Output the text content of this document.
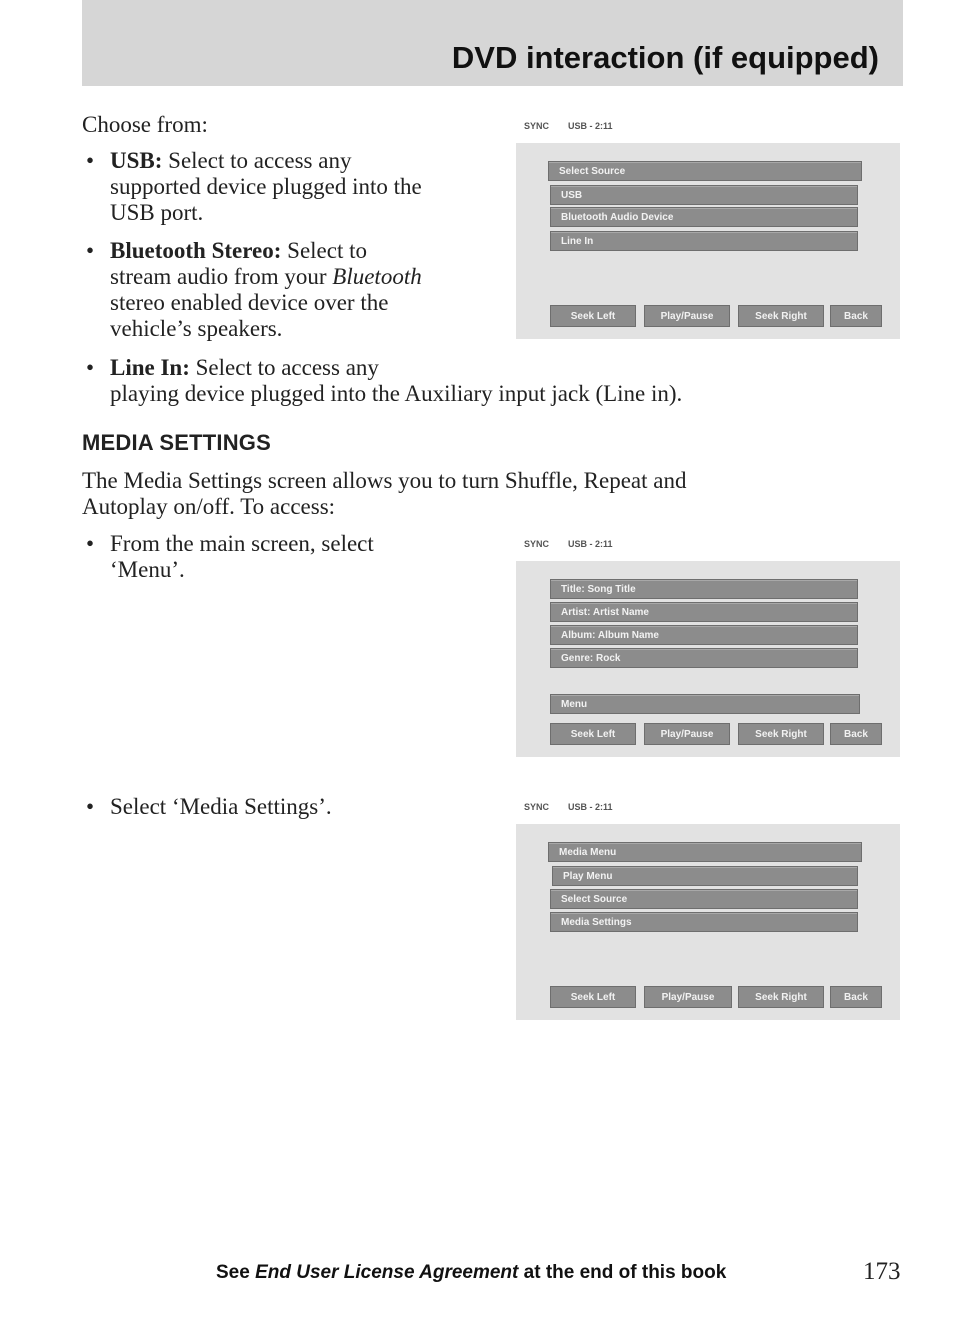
DVD interaction (if equipped)
Choose from:
• USB: Select to access any
supported device plugged into the
USB port.
• Bluetooth Stereo: Select to
stream audio from your Bluetooth
stereo enabled device over the
vehicle’s speakers.
• Line In: Select to access any
playing device plugged into the Auxiliary input jack (Line in).
MEDIA SETTINGS
The Media Settings screen allows you to turn Shuffle, Repeat and
Autoplay on/off. To access:
• From the main screen, select
‘Menu’.
• Select ‘Media Settings’.
SYNC USB - 2:11
Select Source
USB
Bluetooth Audio Device
Line In
Seek Left	Play/Pause	Seek Right	Back
SYNC USB - 2:11
Title: Song Title
Artist: Artist Name
Album: Album Name
Genre: Rock
Menu
Seek Left	Play/Pause	Seek Right	Back
SYNC USB - 2:11
Media Menu
Play Menu
Select Source
Media Settings
Seek Left	Play/Pause	Seek Right	Back
See End User License Agreement at the end of this book	173
